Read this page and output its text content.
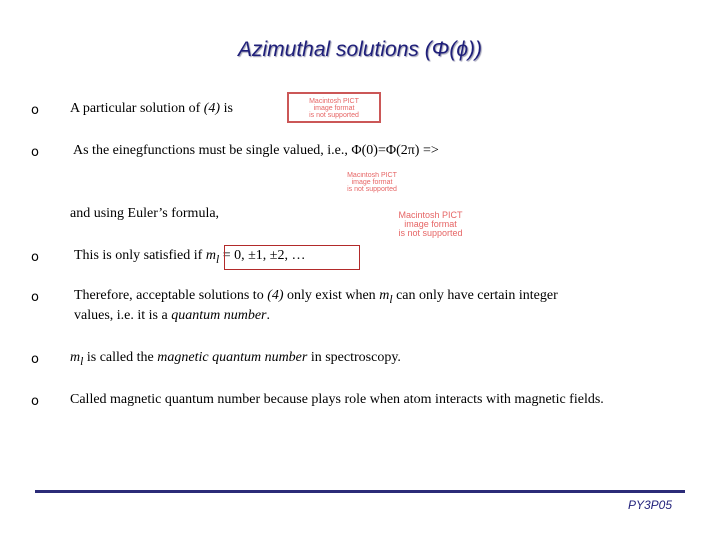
Azimuthal solutions (Φ(ϕ))
o A particular solution of (4) is	Macintosh PICT
image format
is not supported
o As the einegfunctions must be single valued, i.e., Φ(0)=Φ(2π) =>
Macintosh PICT
image format
is not supported
and using Euler’s formula,	Macintosh PICT
image format
is not supported
o	This is only satisfied if $m_l = 0$, ±1, ±2, …
o	Therefore, acceptable solutions to (4) only exist when $m_l$ can only have certain integer
values, i.e. it is a quantum number.
o $m_l$ is called the magnetic quantum number in spectroscopy.
o Called magnetic quantum number because plays role when atom interacts with magnetic fields.
PY3P05
